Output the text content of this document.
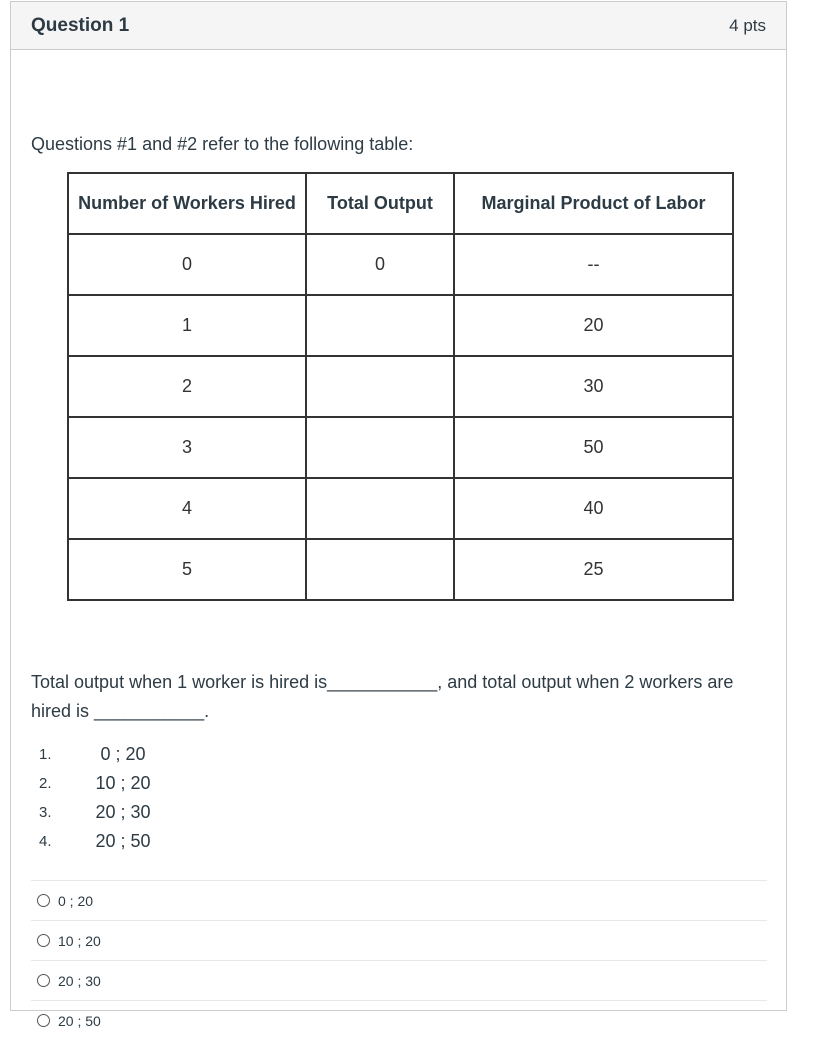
Question 1	4 pts
Questions #1 and #2 refer to the following table:
Number of Workers Hired	Total Output	Marginal Product of Labor
0	0	--
1		20
2		30
3		50
4		40
5		25
Total output when 1 worker is hired is___________, and total output when 2 workers are hired is ___________.
1.	0 ; 20
2.	10 ; 20
3.	20 ; 30
4.	20 ; 50
0 ; 20
10 ; 20
20 ; 30
20 ; 50
